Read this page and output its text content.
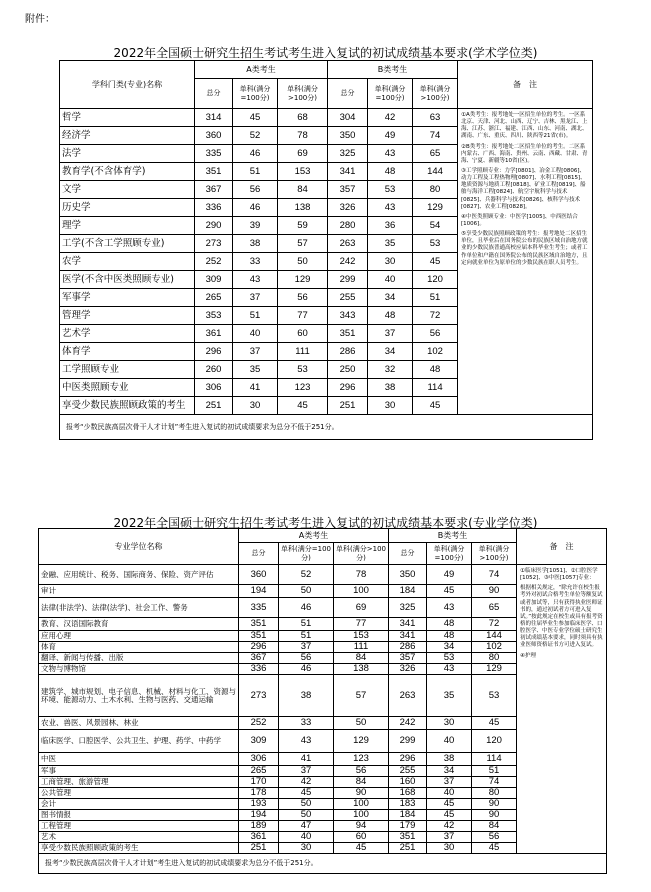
附件：
2022年全国硕士研究生招生考试考生进入复试的初试成绩基本要求(学术学位类)
学科门类(专业)名称	A类考生			B类考生			备　注
	总分	单科(满分=100分)	单科(满分>100分)	总分	单科(满分=100分)	单科(满分>100分)	
哲学	314	45	68	304	42	63	①A类考生：报考地处一区招生单位的考生。一区系北京、天津、河北、山西、辽宁、吉林、黑龙江、上海、江苏、浙江、福建、江西、山东、河南、湖北、湖南、广东、重庆、四川、陕西等21省(市)。

②B类考生：报考地处二区招生单位的考生。二区系内蒙古、广西、海南、贵州、云南、西藏、甘肃、青海、宁夏、新疆等10省(区)。

③工学照顾专业：力学[0801]、冶金工程[0806]、动力工程及工程热物理[0807]、水利工程[0815]、地质资源与地质工程[0818]、矿业工程[0819]、船舶与海洋工程[0824]、航空宇航科学与技术[0825]、兵器科学与技术[0826]、核科学与技术[0827]、农业工程[0828]。

④中医类照顾专业：中医学[1005]、中西医结合[1006]。

⑤享受少数民族照顾政策的考生：报考地处二区招生单位，且毕业后在国务院公布的民族区域自治地方就业的少数民族普通高校应届本科毕业生考生；或者工作单位和户籍在国务院公布的民族区域自治地方，且定向就业单位为原单位的少数民族在职人员考生。

经济学	360	52	78	350	49	74	
法学	335	46	69	325	43	65	
教育学(不含体育学)	351	51	153	341	48	144	
文学	367	56	84	357	53	80	
历史学	336	46	138	326	43	129	
理学	290	39	59	280	36	54	
工学(不含工学照顾专业)	273	38	57	263	35	53	
农学	252	33	50	242	30	45	
医学(不含中医类照顾专业)	309	43	129	299	40	120	
军事学	265	37	56	255	34	51	
管理学	353	51	77	343	48	72	
艺术学	361	40	60	351	37	56	
体育学	296	37	111	286	34	102	
工学照顾专业	260	35	53	250	32	48	
中医类照顾专业	306	41	123	296	38	114	
享受少数民族照顾政策的考生	251	30	45	251	30	45	
报考“少数民族高层次骨干人才计划”考生进入复试的初试成绩要求为总分不低于251分。							
2022年全国硕士研究生招生考试考生进入复试的初试成绩基本要求(专业学位类)
专业学位名称	A类考生			B类考生			备　注
	总分	单科(满分=100分)	单科(满分>100分)	总分	单科(满分=100分)	单科(满分>100分)	
金融、应用统计、税务、国际商务、保险、资产评估	360	52	78	350	49	74	①临床医学[1051]、②口腔医学[1052]、③中医[1057]专业：

根据相关规定，“除允许在校生报考外对初试合格考生单位等额复试或者加试等，只有获得执业医师证书的，通过初试者方可进入复试。”按此规定在校生或具有报考资格的往届毕业生参加临床医学、口腔医学、中医专业学位硕士研究生初试成绩基本要求，同时须具有执业医师资格证书方可进入复试。

④护理

审计	194	50	100	184	45	90	
法律(非法学)、法律(法学)、社会工作、警务	335	46	69	325	43	65	
教育、汉语国际教育	351	51	77	341	48	72	
应用心理	351	51	153	341	48	144	
体育	296	37	111	286	34	102	
翻译、新闻与传播、出版	367	56	84	357	53	80	
文物与博物馆	336	46	138	326	43	129	
建筑学、城市规划、电子信息、机械、材料与化工、资源与环境、能源动力、土木水利、生物与医药、交通运输	273	38	57	263	35	53	
农业、兽医、风景园林、林业	252	33	50	242	30	45	
临床医学、口腔医学、公共卫生、护理、药学、中药学	309	43	129	299	40	120	
中医	306	41	123	296	38	114	
军事	265	37	56	255	34	51	
工商管理、旅游管理	170	42	84	160	37	74	
公共管理	178	45	90	168	40	80	
会计	193	50	100	183	45	90	
图书情报	194	50	100	184	45	90	
工程管理	189	47	94	179	42	84	
艺术	361	40	60	351	37	56	
享受少数民族照顾政策的考生	251	30	45	251	30	45	
报考“少数民族高层次骨干人才计划”考生进入复试的初试成绩要求为总分不低于251分。							
